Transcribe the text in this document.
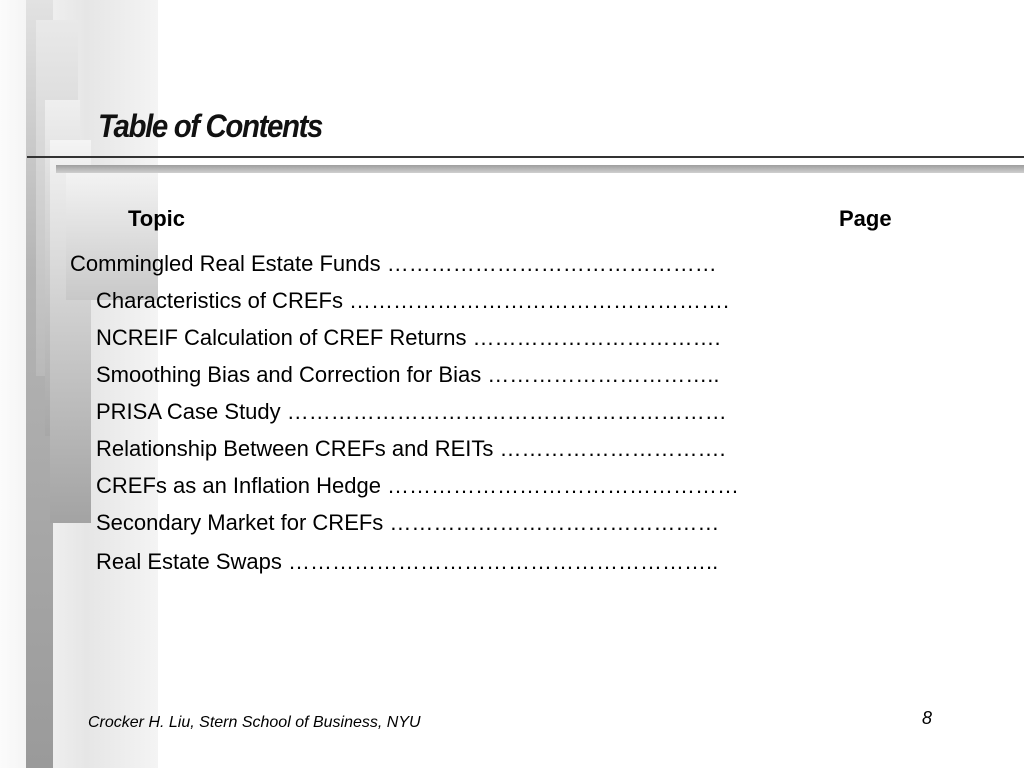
Table of Contents
Topic	Page

Commingled Real Estate Funds ………………………………………

Characteristics of CREFs …………………………………………….

NCREIF Calculation of CREF Returns …………………………….

Smoothing Bias and Correction for Bias …………………………..

PRISA Case Study ……………………………………………………

Relationship Between CREFs and REITs ………………………….

CREFs as an Inflation Hedge …………………………………………

Secondary Market for CREFs ………………………………………

Real Estate Swaps …………………………………………………..

Crocker H. Liu, Stern School of Business, NYU	8
